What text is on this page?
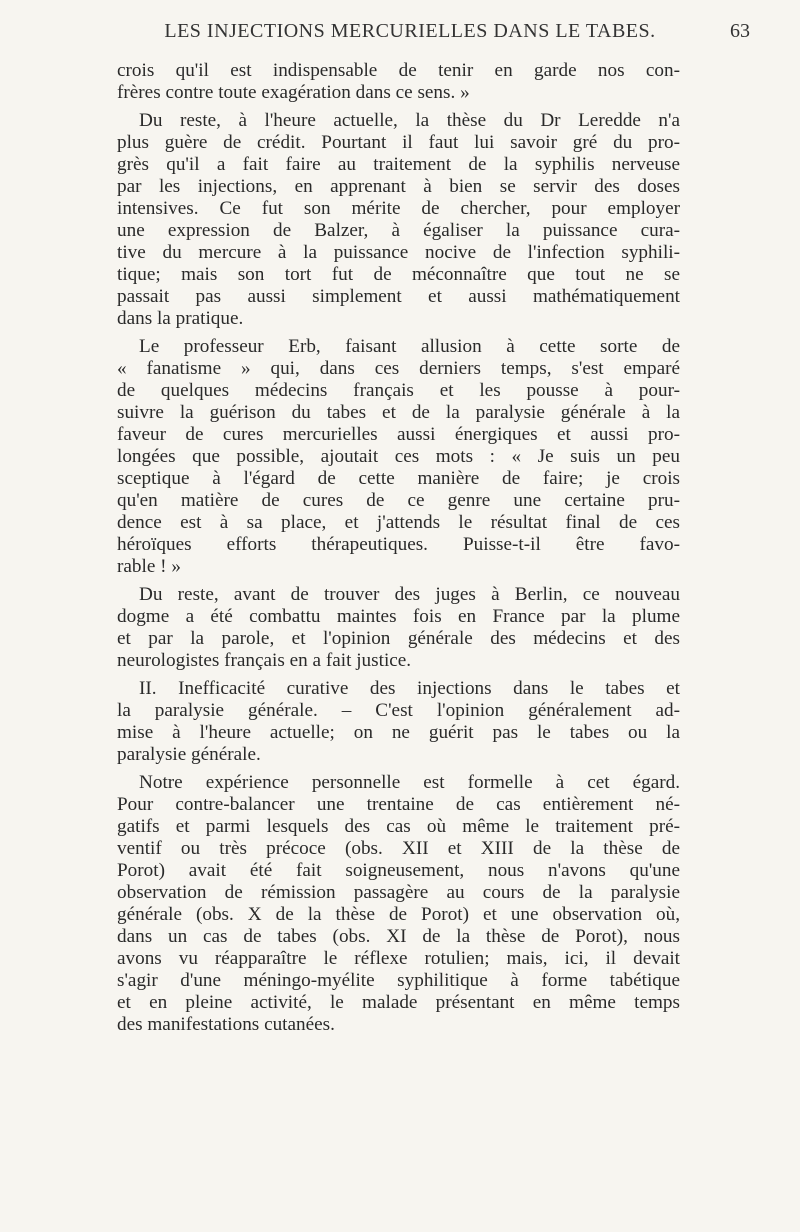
LES INJECTIONS MERCURIELLES DANS LE TABES.	63
crois qu'il est indispensable de tenir en garde nos con-
frères contre toute exagération dans ce sens. »
Du reste, à l'heure actuelle, la thèse du Dr Leredde n'a
plus guère de crédit. Pourtant il faut lui savoir gré du pro-
grès qu'il a fait faire au traitement de la syphilis nerveuse
par les injections, en apprenant à bien se servir des doses
intensives. Ce fut son mérite de chercher, pour employer
une expression de Balzer, à égaliser la puissance cura-
tive du mercure à la puissance nocive de l'infection syphili-
tique; mais son tort fut de méconnaître que tout ne se
passait pas aussi simplement et aussi mathématiquement
dans la pratique.
Le professeur Erb, faisant allusion à cette sorte de
« fanatisme » qui, dans ces derniers temps, s'est emparé
de quelques médecins français et les pousse à pour-
suivre la guérison du tabes et de la paralysie générale à la
faveur de cures mercurielles aussi énergiques et aussi pro-
longées que possible, ajoutait ces mots : « Je suis un peu
sceptique à l'égard de cette manière de faire; je crois
qu'en matière de cures de ce genre une certaine pru-
dence est à sa place, et j'attends le résultat final de ces
héroïques efforts thérapeutiques. Puisse-t-il être favo-
rable ! »
Du reste, avant de trouver des juges à Berlin, ce nouveau
dogme a été combattu maintes fois en France par la plume
et par la parole, et l'opinion générale des médecins et des
neurologistes français en a fait justice.
II. Inefficacité curative des injections dans le tabes et
la paralysie générale. – C'est l'opinion généralement ad-
mise à l'heure actuelle; on ne guérit pas le tabes ou la
paralysie générale.
Notre expérience personnelle est formelle à cet égard.
Pour contre-balancer une trentaine de cas entièrement né-
gatifs et parmi lesquels des cas où même le traitement pré-
ventif ou très précoce (obs. XII et XIII de la thèse de
Porot) avait été fait soigneusement, nous n'avons qu'une
observation de rémission passagère au cours de la paralysie
générale (obs. X de la thèse de Porot) et une observation où,
dans un cas de tabes (obs. XI de la thèse de Porot), nous
avons vu réapparaître le réflexe rotulien; mais, ici, il devait
s'agir d'une méningo-myélite syphilitique à forme tabétique
et en pleine activité, le malade présentant en même temps
des manifestations cutanées.
